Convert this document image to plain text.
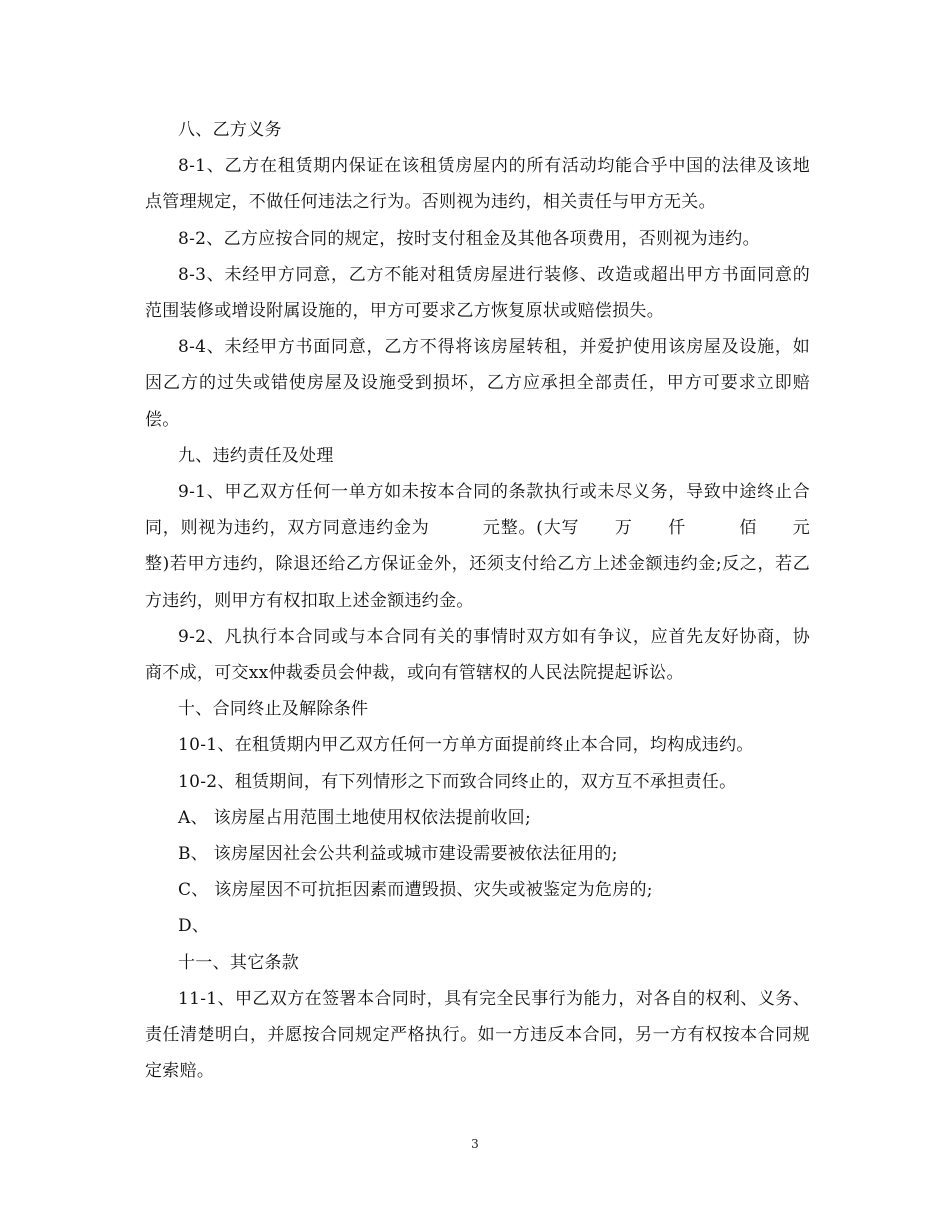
八、乙方义务

8-1、乙方在租赁期内保证在该租赁房屋内的所有活动均能合乎中国的法律及该地点管理规定，不做任何违法之行为。否则视为违约，相关责任与甲方无关。

8-2、乙方应按合同的规定，按时支付租金及其他各项费用，否则视为违约。

8-3、未经甲方同意，乙方不能对租赁房屋进行装修、改造或超出甲方书面同意的范围装修或增设附属设施的，甲方可要求乙方恢复原状或赔偿损失。

8-4、未经甲方书面同意，乙方不得将该房屋转租，并爱护使用该房屋及设施，如因乙方的过失或错使房屋及设施受到损坏，乙方应承担全部责任，甲方可要求立即赔偿。

九、违约责任及处理

9-1、甲乙双方任何一单方如未按本合同的条款执行或未尽义务，导致中途终止合同，则视为违约，双方同意违约金为　　　元整。(大写　　万　　仟　　　佰　　元整)若甲方违约，除退还给乙方保证金外，还须支付给乙方上述金额违约金;反之，若乙方违约，则甲方有权扣取上述金额违约金。

9-2、凡执行本合同或与本合同有关的事情时双方如有争议，应首先友好协商，协商不成，可交xx仲裁委员会仲裁，或向有管辖权的人民法院提起诉讼。

十、合同终止及解除条件

10-1、在租赁期内甲乙双方任何一方单方面提前终止本合同，均构成违约。

10-2、租赁期间，有下列情形之下而致合同终止的，双方互不承担责任。

A、 该房屋占用范围土地使用权依法提前收回;

B、 该房屋因社会公共利益或城市建设需要被依法征用的;

C、 该房屋因不可抗拒因素而遭毁损、灾失或被鉴定为危房的;

D、

十一、其它条款

11-1、甲乙双方在签署本合同时，具有完全民事行为能力，对各自的权利、义务、责任清楚明白，并愿按合同规定严格执行。如一方违反本合同，另一方有权按本合同规定索赔。

3
